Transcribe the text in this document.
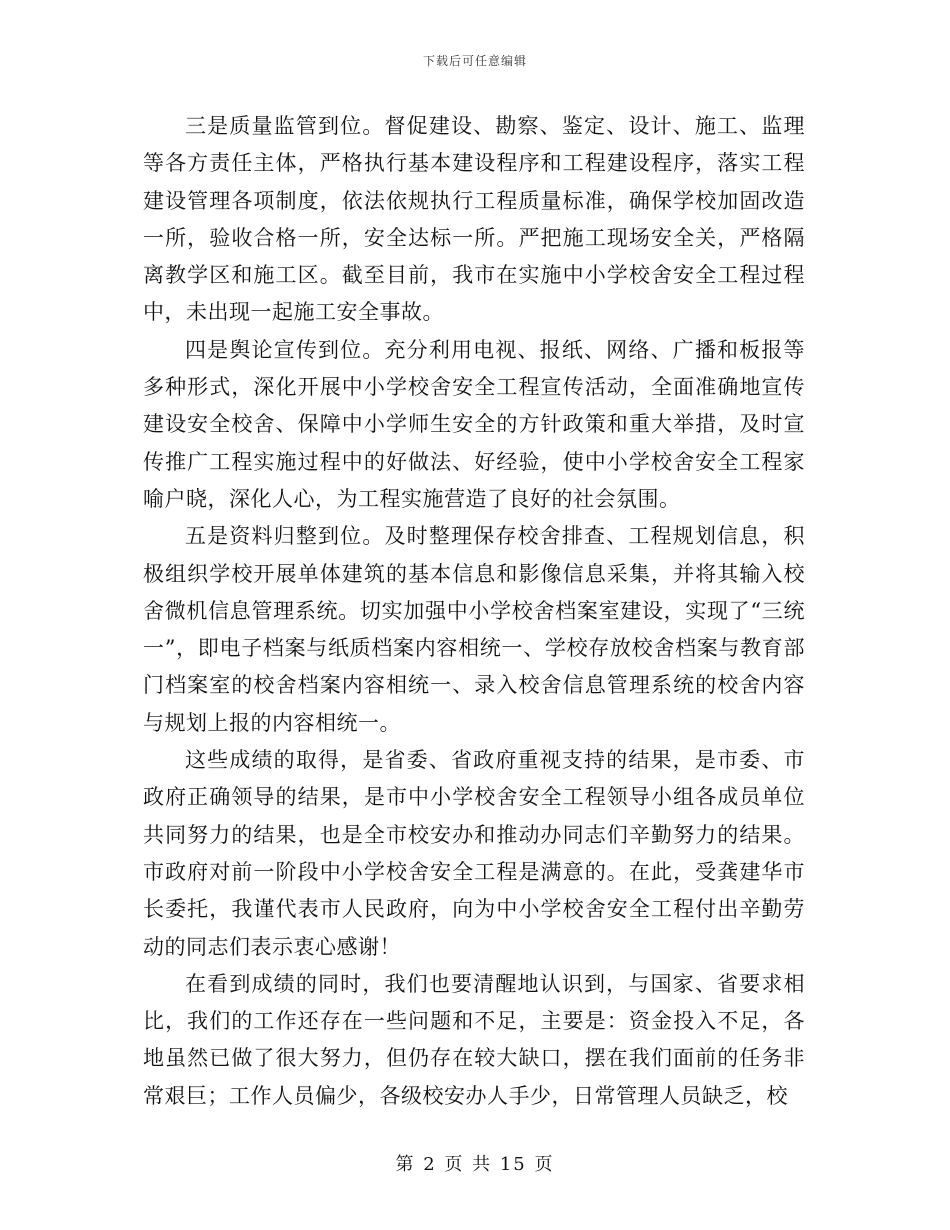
下载后可任意编辑

三是质量监管到位。督促建设、勘察、鉴定、设计、施工、监理等各方责任主体，严格执行基本建设程序和工程建设程序，落实工程建设管理各项制度，依法依规执行工程质量标准，确保学校加固改造一所，验收合格一所，安全达标一所。严把施工现场安全关，严格隔离教学区和施工区。截至目前，我市在实施中小学校舍安全工程过程中，未出现一起施工安全事故。

四是舆论宣传到位。充分利用电视、报纸、网络、广播和板报等多种形式，深化开展中小学校舍安全工程宣传活动，全面准确地宣传建设安全校舍、保障中小学师生安全的方针政策和重大举措，及时宣传推广工程实施过程中的好做法、好经验，使中小学校舍安全工程家喻户晓，深化人心，为工程实施营造了良好的社会氛围。

五是资料归整到位。及时整理保存校舍排查、工程规划信息，积极组织学校开展单体建筑的基本信息和影像信息采集，并将其输入校舍微机信息管理系统。切实加强中小学校舍档案室建设，实现了“三统一”，即电子档案与纸质档案内容相统一、学校存放校舍档案与教育部门档案室的校舍档案内容相统一、录入校舍信息管理系统的校舍内容与规划上报的内容相统一。

这些成绩的取得，是省委、省政府重视支持的结果，是市委、市政府正确领导的结果，是市中小学校舍安全工程领导小组各成员单位共同努力的结果，也是全市校安办和推动办同志们辛勤努力的结果。市政府对前一阶段中小学校舍安全工程是满意的。在此，受龚建华市长委托，我谨代表市人民政府，向为中小学校舍安全工程付出辛勤劳动的同志们表示衷心感谢！

在看到成绩的同时，我们也要清醒地认识到，与国家、省要求相比，我们的工作还存在一些问题和不足，主要是：资金投入不足，各地虽然已做了很大努力，但仍存在较大缺口，摆在我们面前的任务非常艰巨；工作人员偏少，各级校安办人手少，日常管理人员缺乏，校

第 2 页 共 15 页
